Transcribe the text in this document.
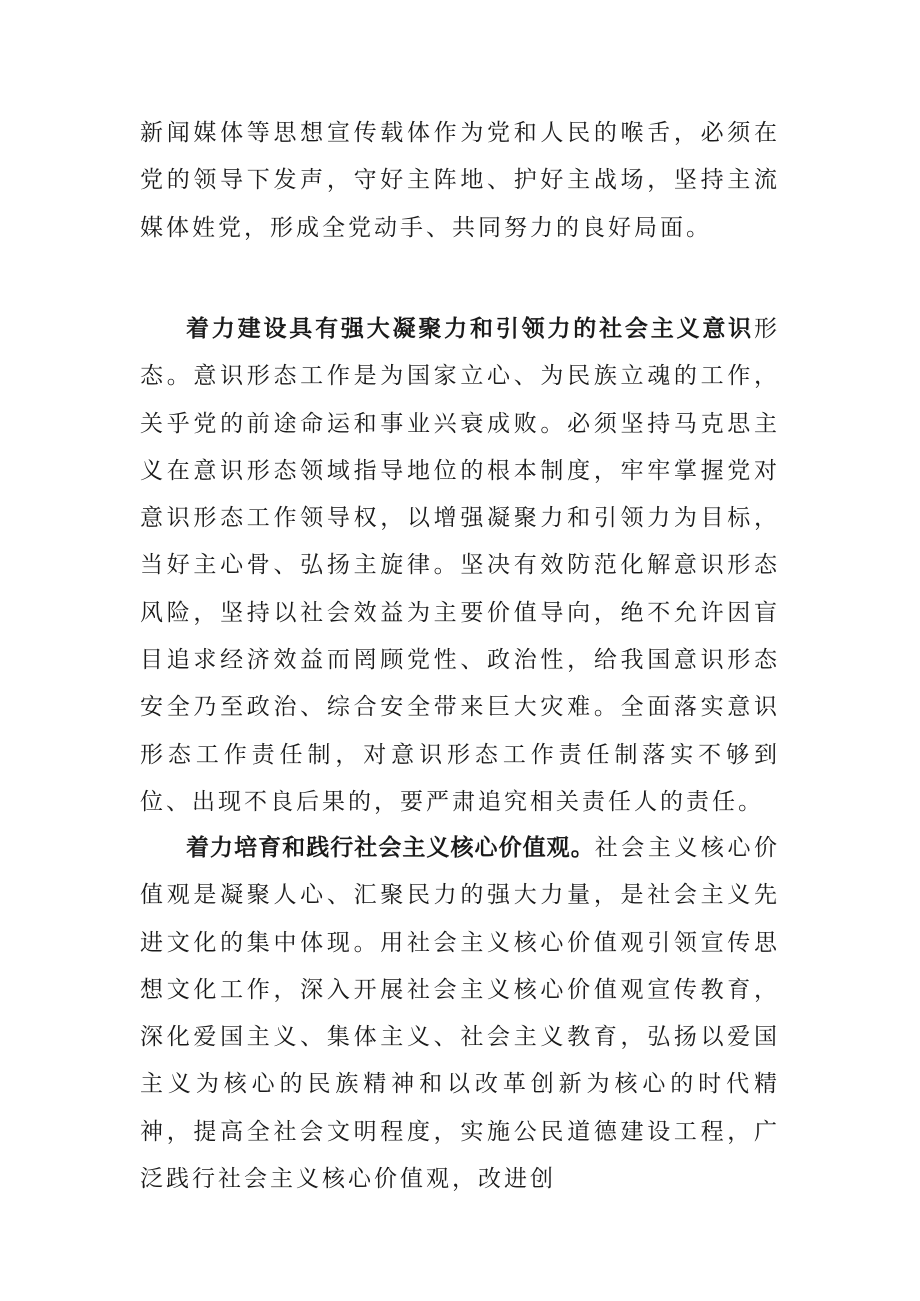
新闻媒体等思想宣传载体作为党和人民的喉舌，必须在党的领导下发声，守好主阵地、护好主战场，坚持主流媒体姓党，形成全党动手、共同努力的良好局面。

着力建设具有强大凝聚力和引领力的社会主义意识形态。意识形态工作是为国家立心、为民族立魂的工作，关乎党的前途命运和事业兴衰成败。必须坚持马克思主义在意识形态领域指导地位的根本制度，牢牢掌握党对意识形态工作领导权，以增强凝聚力和引领力为目标，当好主心骨、弘扬主旋律。坚决有效防范化解意识形态风险，坚持以社会效益为主要价值导向，绝不允许因盲目追求经济效益而罔顾党性、政治性，给我国意识形态安全乃至政治、综合安全带来巨大灾难。全面落实意识形态工作责任制，对意识形态工作责任制落实不够到位、出现不良后果的，要严肃追究相关责任人的责任。

着力培育和践行社会主义核心价值观。社会主义核心价值观是凝聚人心、汇聚民力的强大力量，是社会主义先进文化的集中体现。用社会主义核心价值观引领宣传思想文化工作，深入开展社会主义核心价值观宣传教育，深化爱国主义、集体主义、社会主义教育，弘扬以爱国主义为核心的民族精神和以改革创新为核心的时代精神，提高全社会文明程度，实施公民道德建设工程，广泛践行社会主义核心价值观，改进创
